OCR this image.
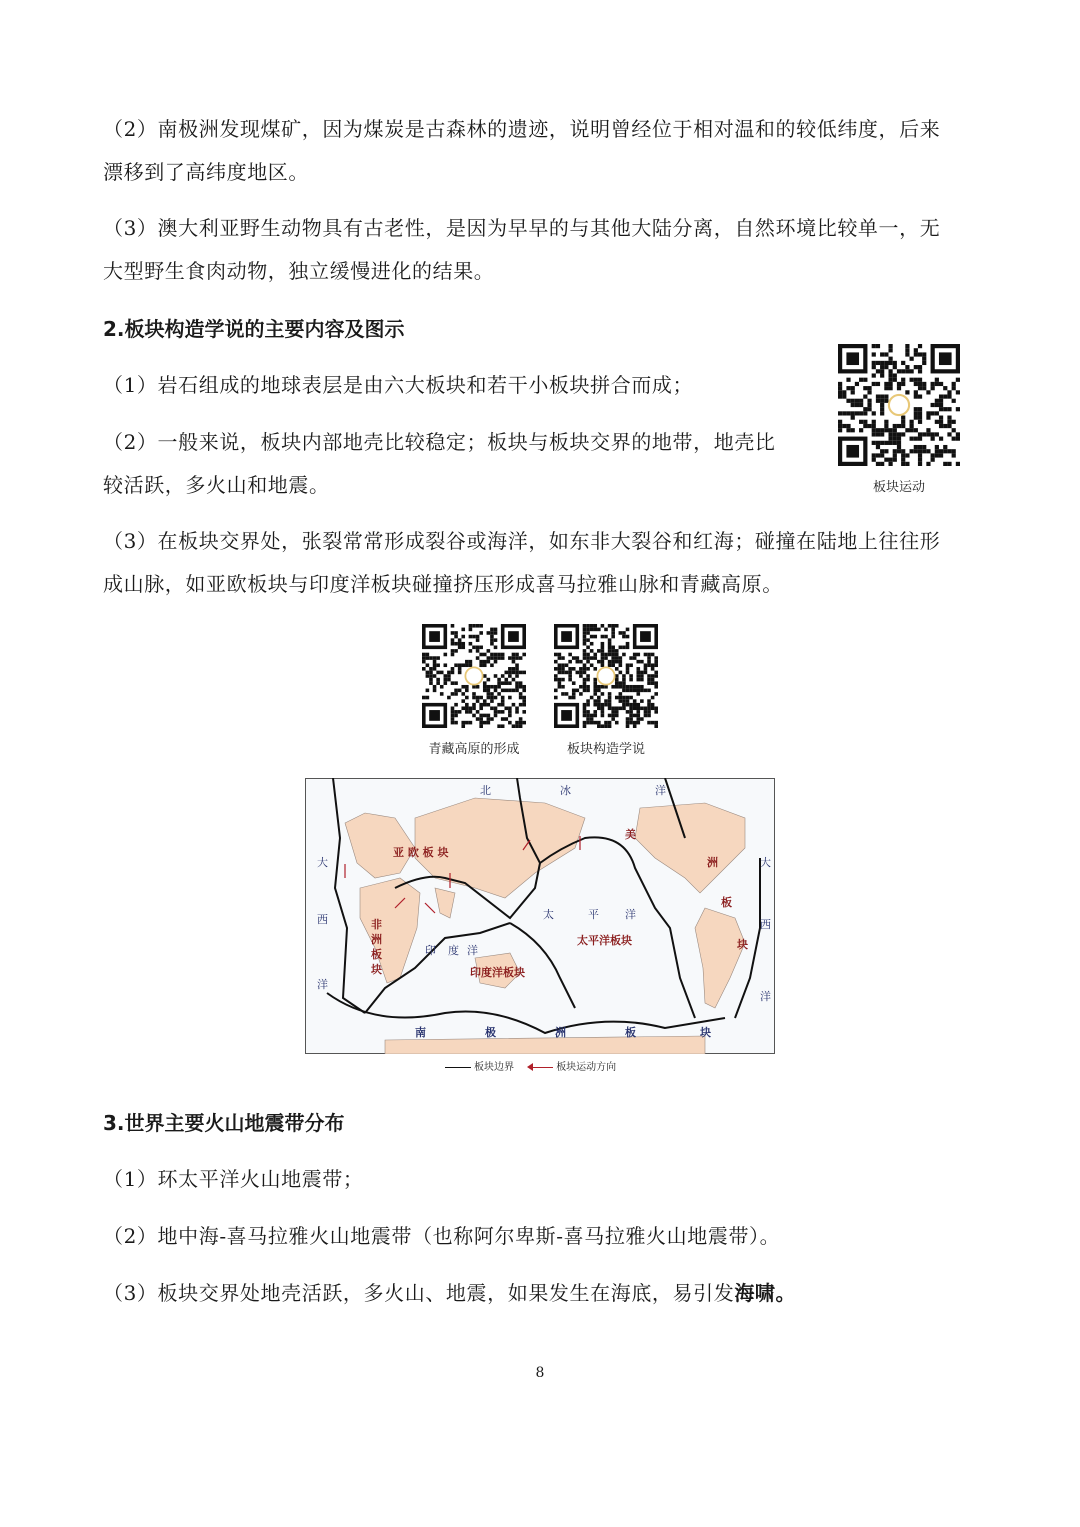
（2）南极洲发现煤矿，因为煤炭是古森林的遗迹，说明曾经位于相对温和的较低纬度，后来
漂移到了高纬度地区。
（3）澳大利亚野生动物具有古老性，是因为早早的与其他大陆分离，自然环境比较单一，无
大型野生食肉动物，独立缓慢进化的结果。
2.板块构造学说的主要内容及图示
（1）岩石组成的地球表层是由六大板块和若干小板块拼合而成；
（2）一般来说，板块内部地壳比较稳定；板块与板块交界的地带，地壳比
较活跃，多火山和地震。
（3）在板块交界处，张裂常常形成裂谷或海洋，如东非大裂谷和红海；碰撞在陆地上往往形
成山脉，如亚欧板块与印度洋板块碰撞挤压形成喜马拉雅山脉和青藏高原。
板块运动
青藏高原的形成	板块构造学说
北	冰	洋
大
西
洋
大
西
洋
印 度 洋
太	平 洋
亚 欧 板 块
非
洲
板
块	印度洋板块
太平洋板块
美
洲
板
块
南	极	洲	板	块
板块边界	板块运动方向
3.世界主要火山地震带分布
（1）环太平洋火山地震带；
（2）地中海-喜马拉雅火山地震带（也称阿尔卑斯-喜马拉雅火山地震带）。
（3）板块交界处地壳活跃，多火山、地震，如果发生在海底，易引发海啸。
8
